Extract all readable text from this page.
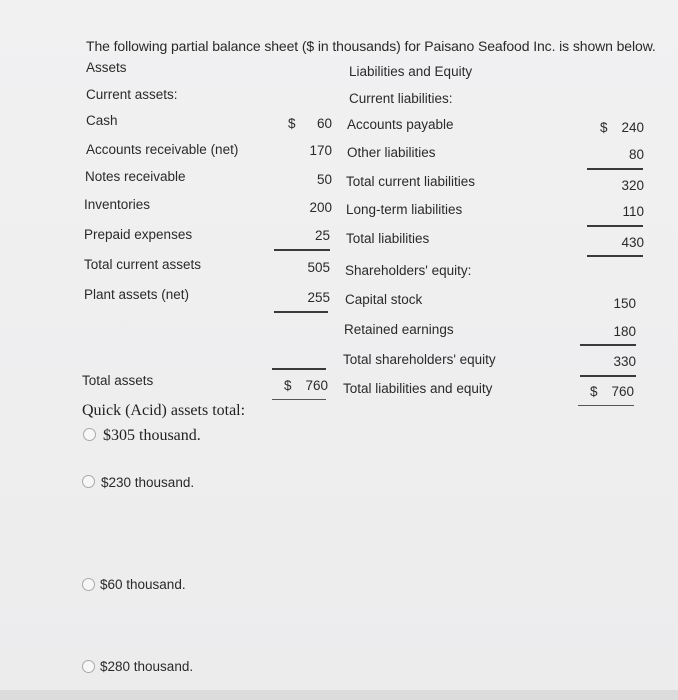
The following partial balance sheet ($ in thousands) for Paisano Seafood Inc. is shown below.
Assets
Current assets:
Cash	$	60
Accounts receivable (net)	170
Notes receivable	50
Inventories	200
Prepaid expenses	25
Total current assets	505
Plant assets (net)	255
Total assets	$	760
Liabilities and Equity
Current liabilities:
Accounts payable	$	240
Other liabilities	80
Total current liabilities	320
Long-term liabilities	110
Total liabilities	430
Shareholders' equity:
Capital stock	150
Retained earnings	180
Total shareholders' equity	330
Total liabilities and equity	$	760
Quick (Acid) assets total:
$305 thousand.
$230 thousand.
$60 thousand.
$280 thousand.
